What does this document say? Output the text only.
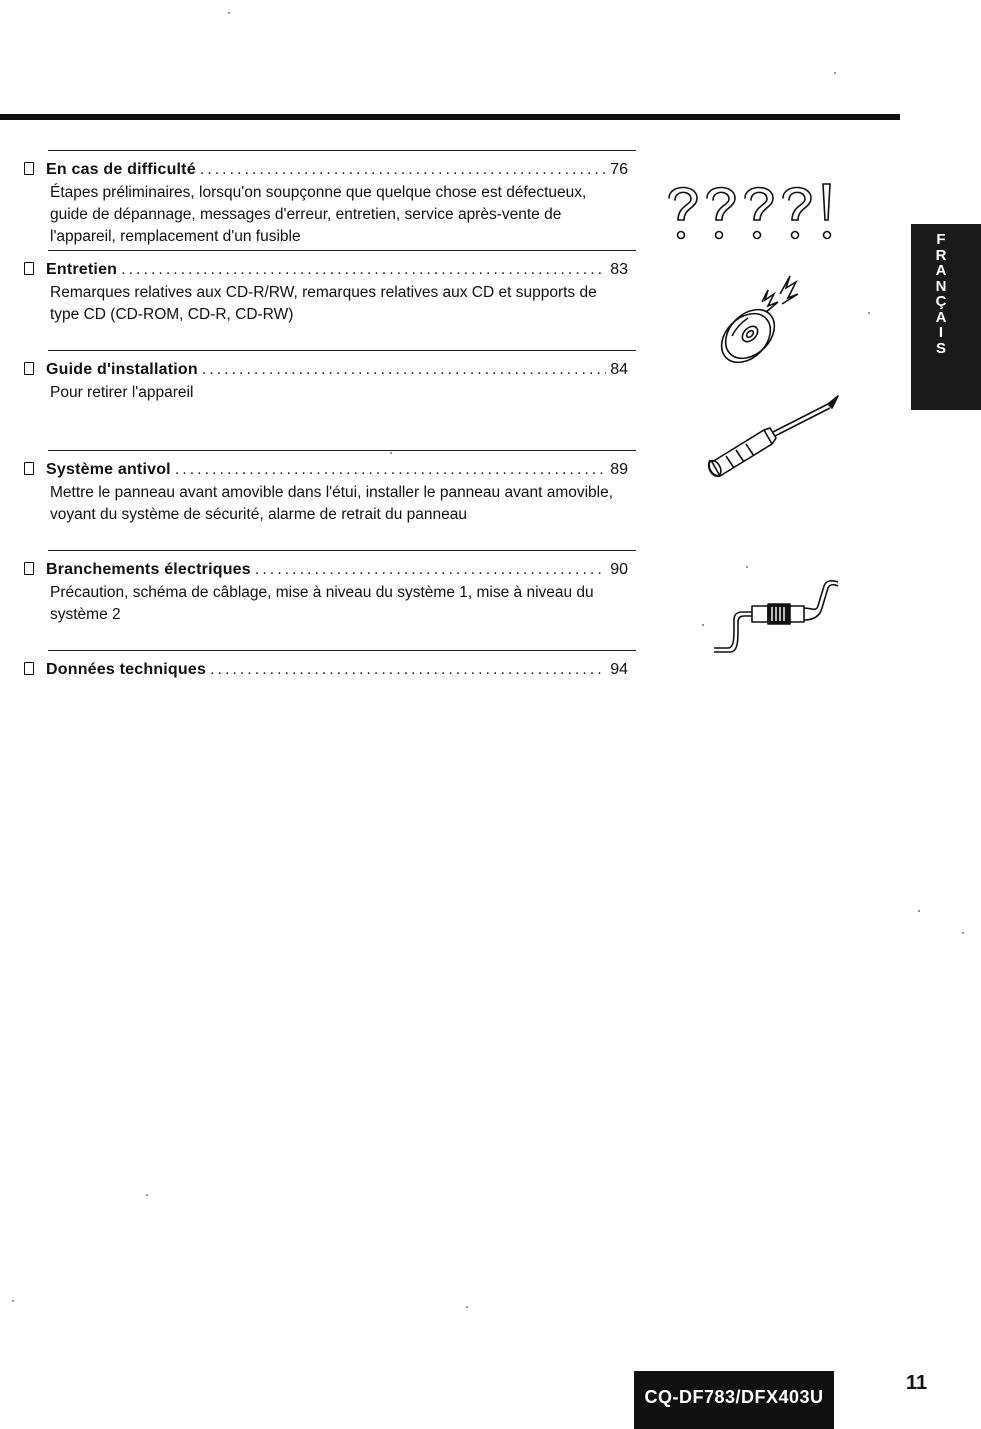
En cas de difficulté .....	76
Étapes préliminaires, lorsqu'on soupçonne que quelque chose est défectueux, guide de dépannage, messages d'erreur, entretien, service après-vente de l'appareil, remplacement d'un fusible
Entretien .....	83
Remarques relatives aux CD-R/RW, remarques relatives aux CD et supports de type CD (CD-ROM, CD-R, CD-RW)
Guide d'installation .....	84
Pour retirer l'appareil
Système antivol .....	89
Mettre le panneau avant amovible dans l'étui, installer le panneau avant amovible, voyant du système de sécurité, alarme de retrait du panneau
Branchements électriques .....	90
Précaution, schéma de câblage, mise à niveau du système 1, mise à niveau du système 2
Données techniques .....	94
F
R
A
N
Ç
A
I
S
CQ-DF783/DFX403U
11
